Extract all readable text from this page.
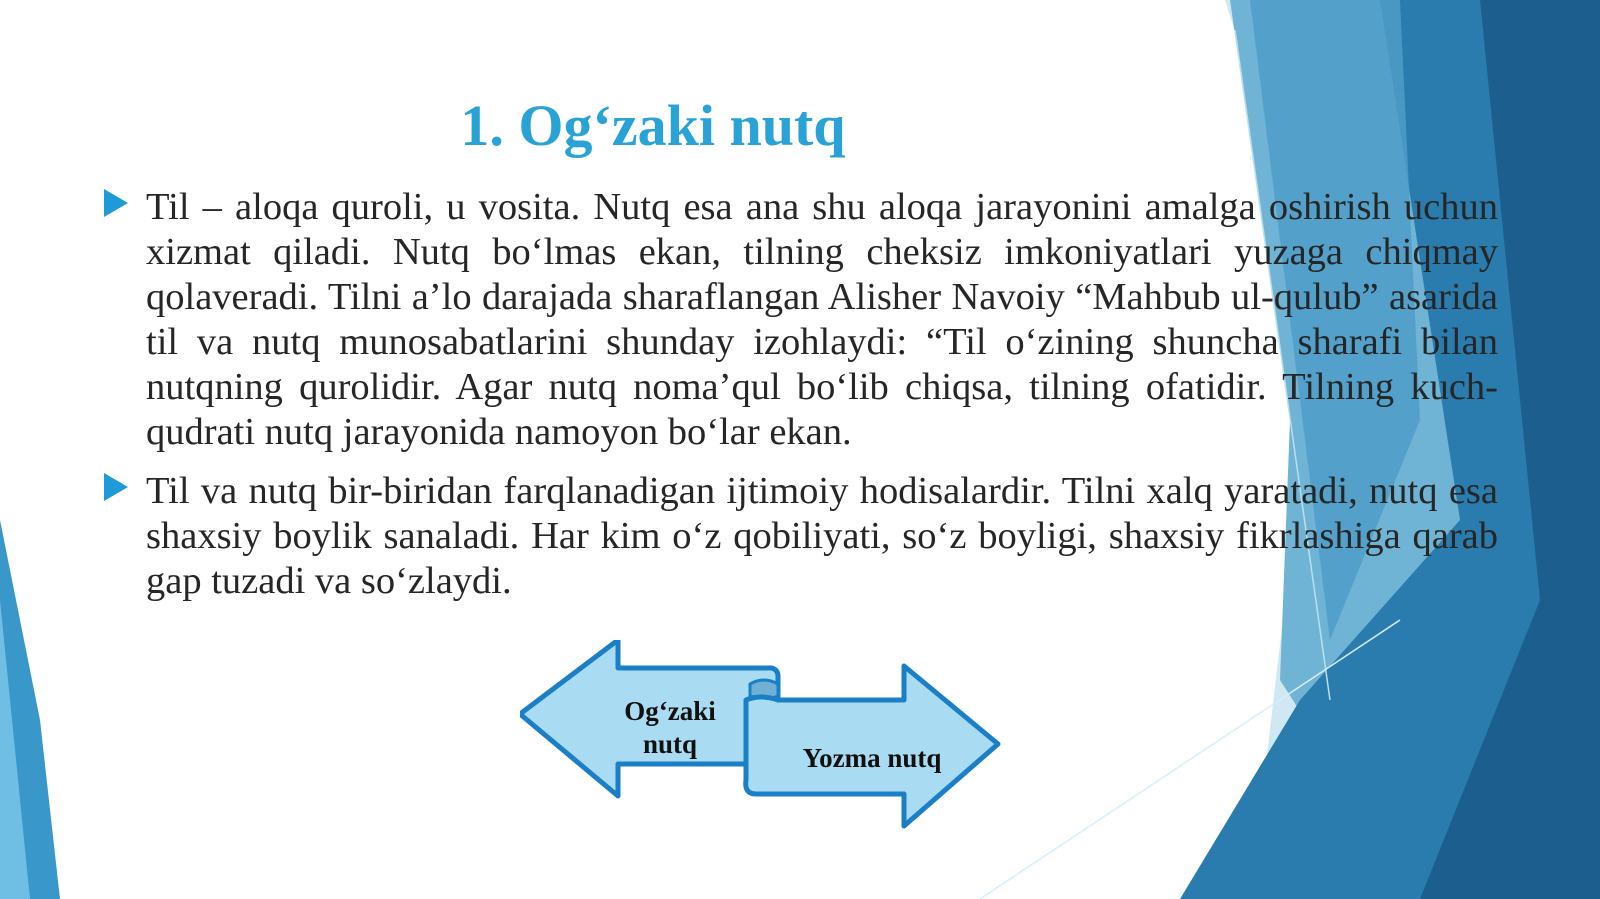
1. Og‘zaki nutq
Til – aloqa quroli, u vosita. Nutq esa ana shu aloqa jarayonini amalga oshirish uchun xizmat qiladi. Nutq bo‘lmas ekan, tilning cheksiz imkoniyatlari yuzaga chiqmay qolaveradi. Tilni a’lo darajada sharaflangan Alisher Navoiy “Mahbub ul-qulub” asarida til va nutq munosabatlarini shunday izohlaydi: “Til o‘zining shuncha sharafi bilan nutqning qurolidir. Agar nutq noma’qul bo‘lib chiqsa, tilning ofatidir. Tilning kuch-qudrati nutq jarayonida namoyon bo‘lar ekan.
Til va nutq bir-biridan farqlanadigan ijtimoiy hodisalardir. Tilni xalq yaratadi, nutq esa shaxsiy boylik sanaladi. Har kim o‘z qobiliyati, so‘z boyligi, shaxsiy fikrlashiga qarab gap tuzadi va so‘zlaydi.
Og‘zaki nutq	Yozma nutq
